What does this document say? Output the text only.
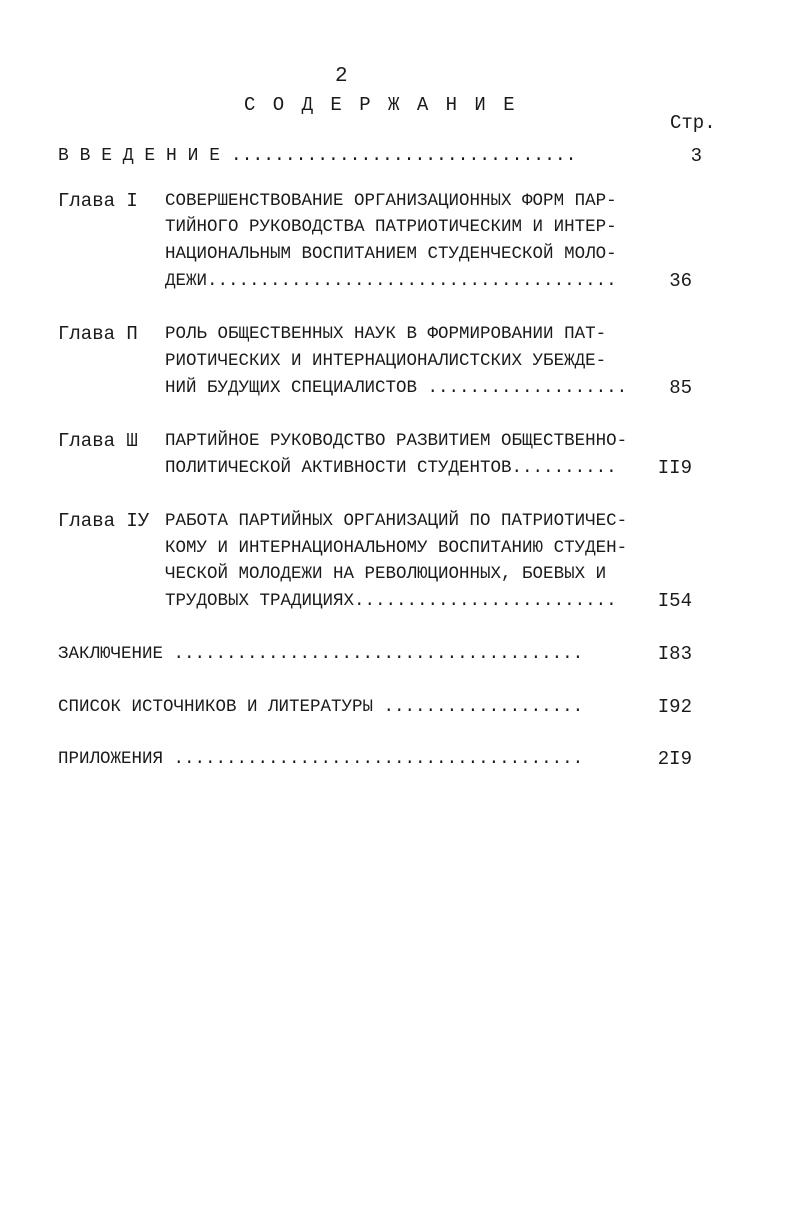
2
С О Д Е Р Ж А Н И Е
Стр.
В В Е Д Е Н И Е ................................	3
Глава I СОВЕРШЕНСТВОВАНИЕ ОРГАНИЗАЦИОННЫХ ФОРМ ПАР-
ТИЙНОГО РУКОВОДСТВА ПАТРИОТИЧЕСКИМ И ИНТЕР-
НАЦИОНАЛЬНЫМ ВОСПИТАНИЕМ СТУДЕНЧЕСКОЙ МОЛО-
ДЕЖИ.......................................	36
Глава П РОЛЬ ОБЩЕСТВЕННЫХ НАУК В ФОРМИРОВАНИИ ПАТ-
РИОТИЧЕСКИХ И ИНТЕРНАЦИОНАЛИСТСКИХ УБЕЖДЕ-
НИЙ БУДУЩИХ СПЕЦИАЛИСТОВ ...................	85
Глава Ш ПАРТИЙНОЕ РУКОВОДСТВО РАЗВИТИЕМ ОБЩЕСТВЕННО-
ПОЛИТИЧЕСКОЙ АКТИВНОСТИ СТУДЕНТОВ..........	II9
Глава IУ РАБОТА ПАРТИЙНЫХ ОРГАНИЗАЦИЙ ПО ПАТРИОТИЧЕС-
КОМУ И ИНТЕРНАЦИОНАЛЬНОМУ ВОСПИТАНИЮ СТУДЕН-
ЧЕСКОЙ МОЛОДЕЖИ НА РЕВОЛЮЦИОННЫХ, БОЕВЫХ И
ТРУДОВЫХ ТРАДИЦИЯХ.........................	I54
ЗАКЛЮЧЕНИЕ .......................................	I83
СПИСОК ИСТОЧНИКОВ И ЛИТЕРАТУРЫ ...................	I92
ПРИЛОЖЕНИЯ .......................................	2I9
